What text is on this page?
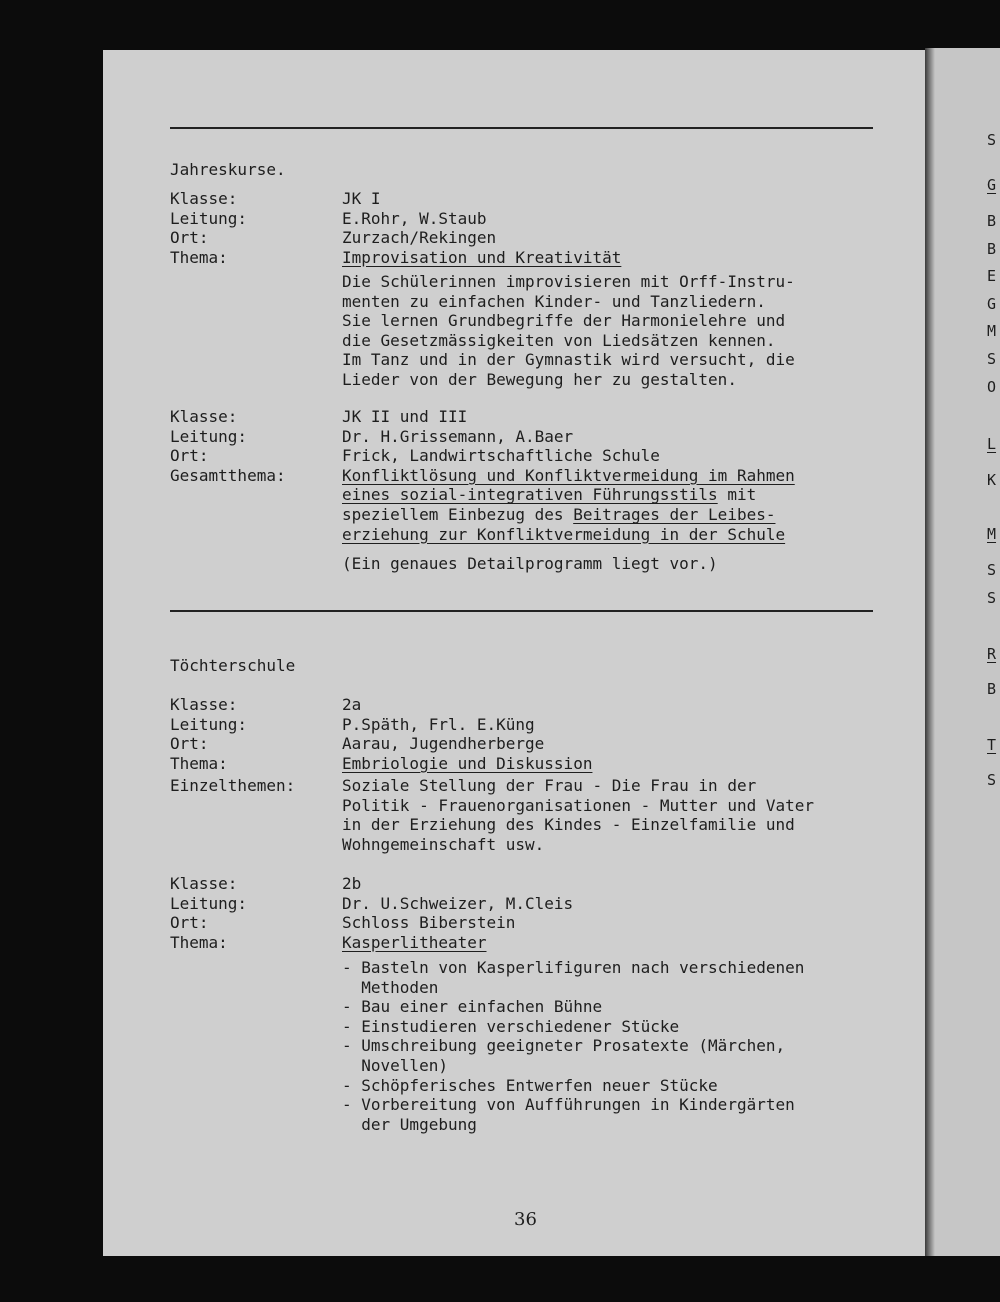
S
G
B
B
E
G
M
S
O
L
K
M
S
S
R
B
T
S
Jahreskurse.
Klasse:
Leitung:
Ort:
Thema:
JK I
E.Rohr, W.Staub
Zurzach/Rekingen
Improvisation und Kreativität
Die Schülerinnen improvisieren mit Orff-Instru-
menten zu einfachen Kinder- und Tanzliedern.
Sie lernen Grundbegriffe der Harmonielehre und
die Gesetzmässigkeiten von Liedsätzen kennen.
Im Tanz und in der Gymnastik wird versucht, die
Lieder von der Bewegung her zu gestalten.
Klasse:
Leitung:
Ort:
Gesamtthema:
JK II und III
Dr. H.Grissemann, A.Baer
Frick, Landwirtschaftliche Schule
Konfliktlösung und Konfliktvermeidung im Rahmen
eines sozial-integrativen Führungsstils mit
speziellem Einbezug des Beitrages der Leibes-
erziehung zur Konfliktvermeidung in der Schule
(Ein genaues Detailprogramm liegt vor.)
Töchterschule
Klasse:
Leitung:
Ort:
Thema:
Einzelthemen:
2a
P.Späth, Frl. E.Küng
Aarau, Jugendherberge
Embriologie und Diskussion
Soziale Stellung der Frau - Die Frau in der
Politik - Frauenorganisationen - Mutter und Vater
in der Erziehung des Kindes - Einzelfamilie und
Wohngemeinschaft usw.
Klasse:
Leitung:
Ort:
Thema:
2b
Dr. U.Schweizer, M.Cleis
Schloss Biberstein
Kasperlitheater
- Basteln von Kasperlifiguren nach verschiedenen
Methoden
- Bau einer einfachen Bühne
- Einstudieren verschiedener Stücke
- Umschreibung geeigneter Prosatexte (Märchen,
Novellen)
- Schöpferisches Entwerfen neuer Stücke
- Vorbereitung von Aufführungen in Kindergärten
der Umgebung
36
